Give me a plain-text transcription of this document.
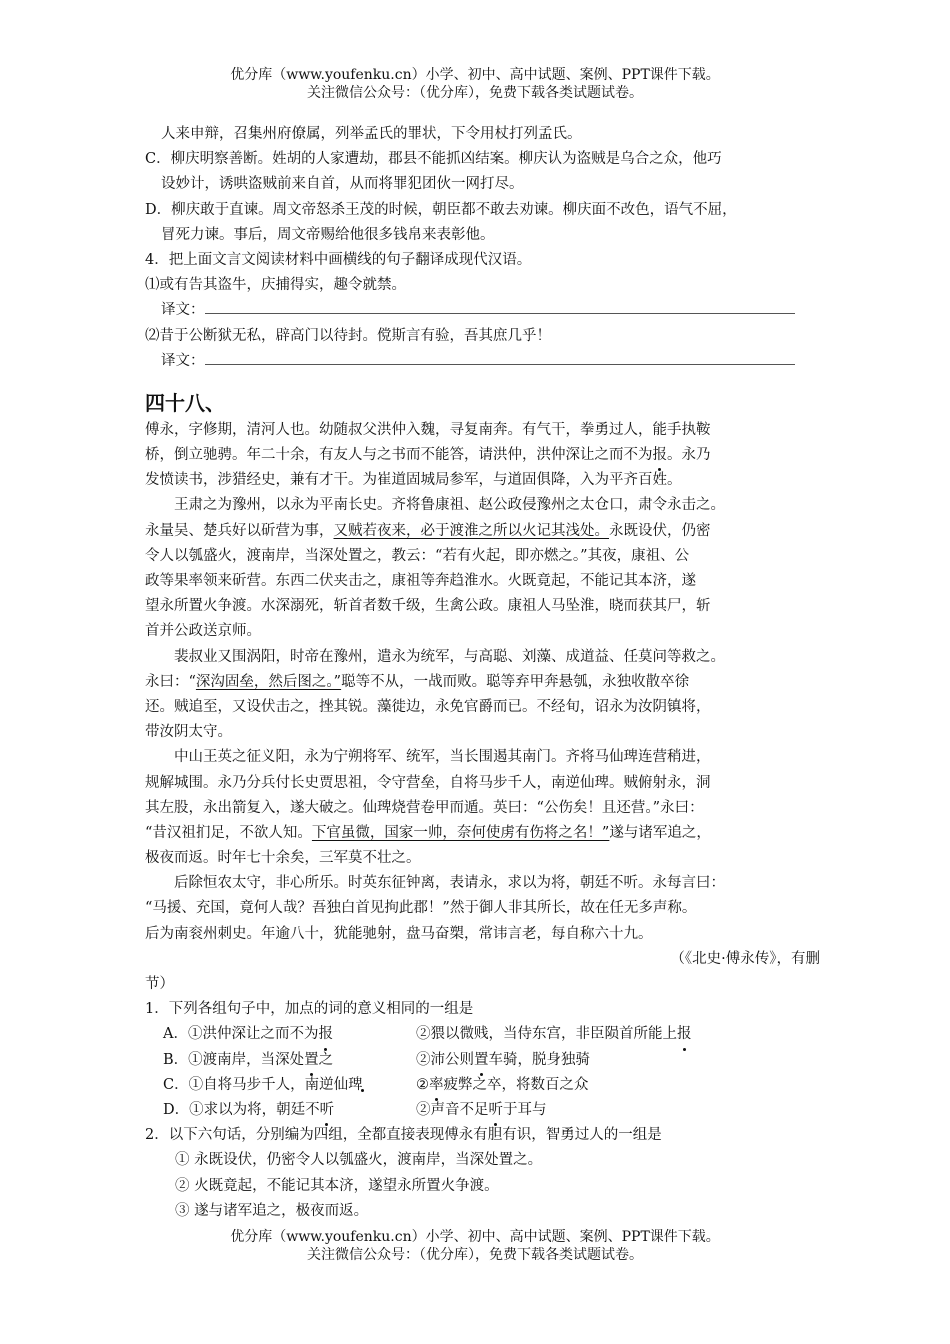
优分库（www.youfenku.cn）小学、初中、高中试题、案例、PPT课件下载。
关注微信公众号：（优分库），免费下载各类试题试卷。
人来申辩，召集州府僚属，列举孟氏的罪状，下令用杖打列孟氏。
C．柳庆明察善断。姓胡的人家遭劫，郡县不能抓凶结案。柳庆认为盗贼是乌合之众，他巧
设妙计，诱哄盗贼前来自首，从而将罪犯团伙一网打尽。
D．柳庆敢于直谏。周文帝怒杀王茂的时候，朝臣都不敢去劝谏。柳庆面不改色，语气不屈，
冒死力谏。事后，周文帝赐给他很多钱帛来表彰他。
4．把上面文言文阅读材料中画横线的句子翻译成现代汉语。
⑴或有告其盗牛，庆捕得实，趣令就禁。
译文：
⑵昔于公断狱无私，辟高门以待封。傥斯言有验，吾其庶几乎！
译文：
四十八、
傅永，字修期，清河人也。幼随叔父洪仲入魏，寻复南奔。有气干，拳勇过人，能手执鞍
桥，倒立驰骋。年二十余，有友人与之书而不能答，请洪仲，洪仲深让之而不为报。永乃
发愤读书，涉猎经史，兼有才干。为崔道固城局参军，与道固俱降，入为平齐百姓。
王肃之为豫州，以永为平南长史。齐将鲁康祖、赵公政侵豫州之太仓口，肃令永击之。
永量吴、楚兵好以斫营为事，又贼若夜来，必于渡淮之所以火记其浅处。永既设伏，仍密
令人以瓠盛火，渡南岸，当深处置之，教云：“若有火起，即亦燃之。”其夜，康祖、公
政等果率领来斫营。东西二伏夹击之，康祖等奔趋淮水。火既竟起，不能记其本济，遂
望永所置火争渡。水深溺死，斩首者数千级，生禽公政。康祖人马坠淮，晓而获其尸，斩
首并公政送京师。
裴叔业又围涡阳，时帝在豫州，遣永为统军，与高聪、刘藻、成道益、任莫问等救之。
永曰：“深沟固垒，然后图之。”聪等不从，一战而败。聪等弃甲奔悬瓠，永独收散卒徐
还。贼追至，又设伏击之，挫其锐。藻徙边，永免官爵而已。不经旬，诏永为汝阴镇将，
带汝阴太守。
中山王英之征义阳，永为宁朔将军、统军，当长围遏其南门。齐将马仙琕连营稍进，
规解城围。永乃分兵付长史贾思祖，令守营垒，自将马步千人，南逆仙琕。贼俯射永，洞
其左股，永出箭复入，遂大破之。仙琕烧营卷甲而遁。英曰：“公伤矣！且还营。”永曰：
“昔汉祖扪足，不欲人知。下官虽微，国家一帅，奈何使虏有伤将之名！”遂与诸军追之，
极夜而返。时年七十余矣，三军莫不壮之。
后除恒农太守，非心所乐。时英东征钟离，表请永，求以为将，朝廷不听。永每言曰：
“马援、充国，竟何人哉？吾独白首见拘此郡！”然于御人非其所长，故在任无多声称。
后为南衮州刺史。年逾八十，犹能驰射，盘马奋槊，常讳言老，每自称六十九。
（《北史·傅永传》，有删
节）
1．下列各组句子中，加点的词的意义相同的一组是
A．①洪仲深让之而不为报	②猥以微贱，当侍东宫，非臣陨首所能上报
B．①渡南岸，当深处置之	②沛公则置车骑，脱身独骑
C．①自将马步千人，南逆仙琕	②率疲弊之卒，将数百之众
D．①求以为将，朝廷不听	②声音不足听于耳与
2．以下六句话，分别编为四组，全都直接表现傅永有胆有识，智勇过人的一组是
① 永既设伏，仍密令人以瓠盛火，渡南岸，当深处置之。
② 火既竟起，不能记其本济，遂望永所置火争渡。
③ 遂与诸军追之，极夜而返。
优分库（www.youfenku.cn）小学、初中、高中试题、案例、PPT课件下载。
关注微信公众号：（优分库），免费下载各类试题试卷。
